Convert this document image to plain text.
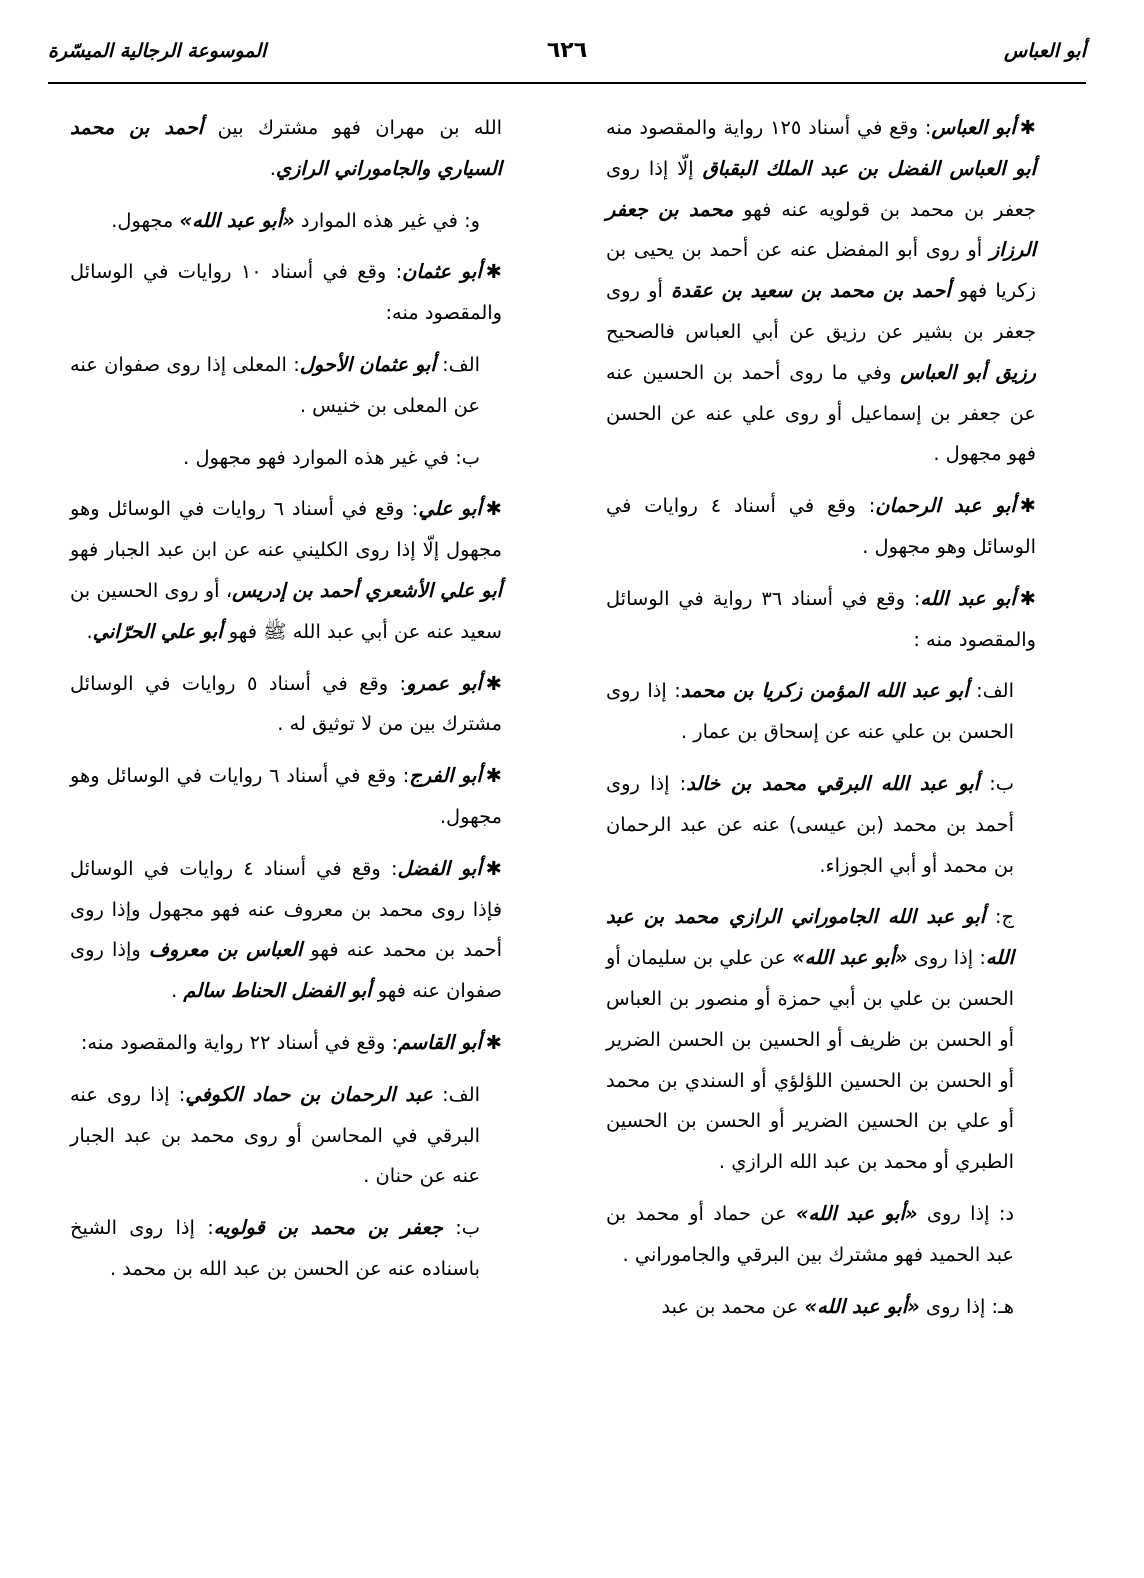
أبو العباس
٦٢٦
الموسوعة الرجالية الميسّرة

✱أبو العباس: وقع في أسناد ١٢٥ رواية والمقصود منه أبو العباس الفضل بن عبد الملك البقباق إلّا إذا روى جعفر بن محمد بن قولويه عنه فهو محمد بن جعفر الرزاز أو روى أبو المفضل عنه عن أحمد بن يحيى بن زكريا فهو أحمد بن محمد بن سعيد بن عقدة أو روى جعفر بن بشير عن رزيق عن أبي العباس فالصحيح رزيق أبو العباس وفي ما روى أحمد بن الحسين عنه عن جعفر بن إسماعيل أو روى علي عنه عن الحسن فهو مجهول .

✱أبو عبد الرحمان: وقع في أسناد ٤ روايات في الوسائل وهو مجهول .

✱أبو عبد الله: وقع في أسناد ٣٦ رواية في الوسائل والمقصود منه :

الف: أبو عبد الله المؤمن زكريا بن محمد: إذا روى الحسن بن علي عنه عن إسحاق بن عمار .

ب: أبو عبد الله البرقي محمد بن خالد: إذا روى أحمد بن محمد (بن عيسى) عنه عن عبد الرحمان بن محمد أو أبي الجوزاء.

ج: أبو عبد الله الجاموراني الرازي محمد بن عبد الله: إذا روى «أبو عبد الله» عن علي بن سليمان أو الحسن بن علي بن أبي حمزة أو منصور بن العباس أو الحسن بن ظريف أو الحسين بن الحسن الضرير أو الحسن بن الحسين اللؤلؤي أو السندي بن محمد أو علي بن الحسين الضرير أو الحسن بن الحسين الطبري أو محمد بن عبد الله الرازي .

د: إذا روى «أبو عبد الله» عن حماد أو محمد بن عبد الحميد فهو مشترك بين البرقي والجاموراني .

هـ: إذا روى «أبو عبد الله» عن محمد بن عبد

الله بن مهران فهو مشترك بين أحمد بن محمد السياري والجاموراني الرازي.

و: في غير هذه الموارد «أبو عبد الله» مجهول.

✱أبو عثمان: وقع في أسناد ١٠ روايات في الوسائل والمقصود منه:

الف: أبو عثمان الأحول: المعلى إذا روى صفوان عنه عن المعلى بن خنيس .

ب: في غير هذه الموارد فهو مجهول .

✱أبو علي: وقع في أسناد ٦ روايات في الوسائل وهو مجهول إلّا إذا روى الكليني عنه عن ابن عبد الجبار فهو أبو علي الأشعري أحمد بن إدريس، أو روى الحسين بن سعيد عنه عن أبي عبد الله ﷺ فهو أبو علي الحرّاني.

✱أبو عمرو: وقع في أسناد ٥ روايات في الوسائل مشترك بين من لا توثيق له .

✱أبو الفرج: وقع في أسناد ٦ روايات في الوسائل وهو مجهول.

✱أبو الفضل: وقع في أسناد ٤ روايات في الوسائل فإذا روى محمد بن معروف عنه فهو مجهول وإذا روى أحمد بن محمد عنه فهو العباس بن معروف وإذا روى صفوان عنه فهو أبو الفضل الحناط سالم .

✱أبو القاسم: وقع في أسناد ٢٢ رواية والمقصود منه:

الف: عبد الرحمان بن حماد الكوفي: إذا روى عنه البرقي في المحاسن أو روى محمد بن عبد الجبار عنه عن حنان .

ب: جعفر بن محمد بن قولويه: إذا روى الشيخ باسناده عنه عن الحسن بن عبد الله بن محمد .
